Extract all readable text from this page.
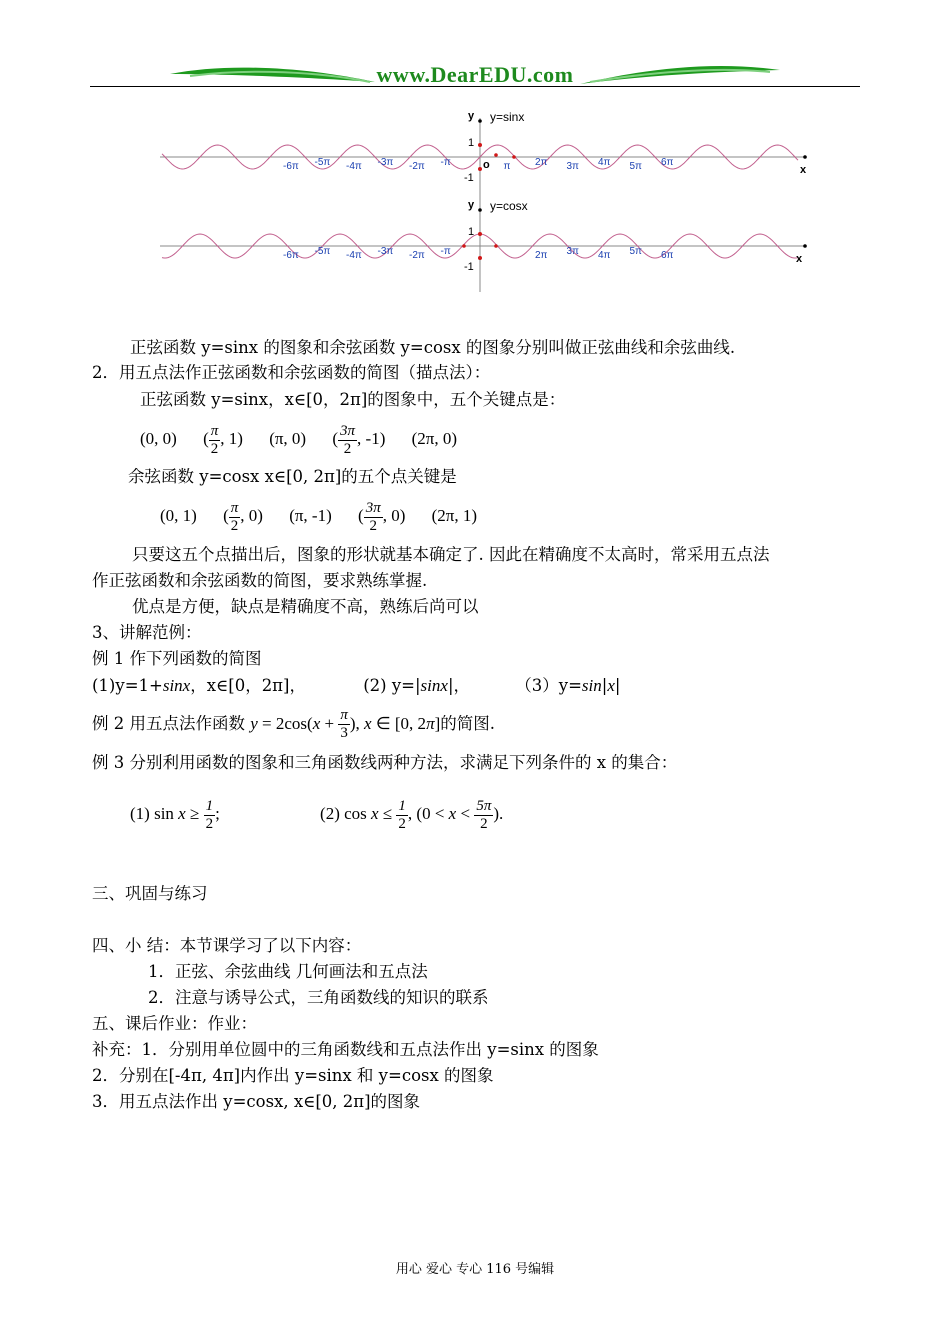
www.DearEDU.com
-6π -5π -4π -3π -2π -π	π 2π 3π 4π 5π 6π
y y=sinx
1
-1
o
-6π -5π -4π -3π -2π -π	2π 3π 4π 5π 6π
y y=cosx
1
-1
x
x
正弦函数 y=sinx 的图象和余弦函数 y=cosx 的图象分别叫做正弦曲线和余弦曲线.
2．用五点法作正弦函数和余弦函数的简图（描点法）：
正弦函数 y=sinx，x∈[0，2π]的图象中，五个关键点是：
(0, 0) ( $\frac{\pi}{2}$ , 1) (π, 0) ( $\frac{3\pi}{2}$ , -1) (2π, 0)
余弦函数 y=cosx x∈[0, 2π]的五个点关键是
(0, 1) ( $\frac{\pi}{2}$ , 0) (π, -1) ( $\frac{3\pi}{2}$ , 0) (2π, 1)
只要这五个点描出后，图象的形状就基本确定了. 因此在精确度不太高时，常采用五点法
作正弦函数和余弦函数的简图，要求熟练掌握.
优点是方便，缺点是精确度不高，熟练后尚可以
3、讲解范例：
例 1 作下列函数的简图
(1)y=1+sinx，x∈[0，2π]，	(2) y=|sinx|，	（3）y=sin|x|
例 2 用五点法作函数 $y = 2\cos(x + \frac{\pi}{3}$ ), x ∈ [0, 2π]的简图.
例 3 分别利用函数的图象和三角函数线两种方法，求满足下列条件的 x 的集合：
(1) $\sin x \ge \frac{1}{2}$ ;	(2) $\cos x \le \frac{1}{2}$ , ($0 < x < \frac{5\pi}{2}$ ).
三、巩固与练习
四、小 结：本节课学习了以下内容：
1．正弦、余弦曲线 几何画法和五点法
2．注意与诱导公式，三角函数线的知识的联系
五、课后作业：作业：
补充：1．分别用单位圆中的三角函数线和五点法作出 y=sinx 的图象
2．分别在[-4π, 4π]内作出 y=sinx 和 y=cosx 的图象
3．用五点法作出 y=cosx, x∈[0, 2π]的图象
用心 爱心 专心 116 号编辑
